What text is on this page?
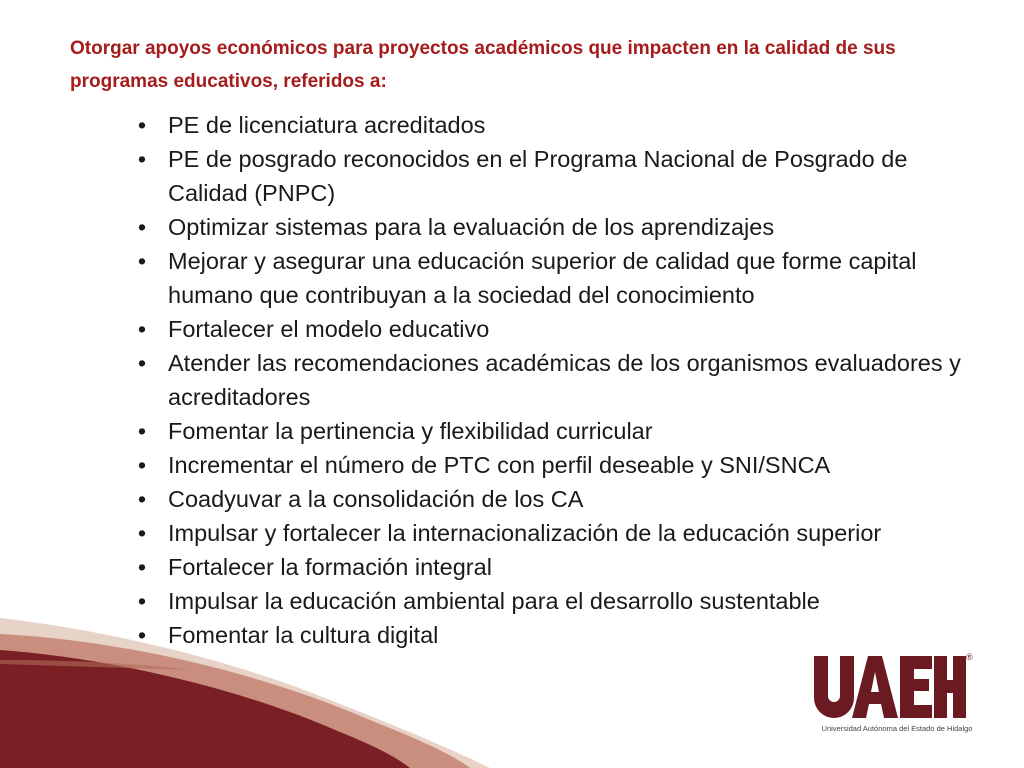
Otorgar apoyos económicos para proyectos académicos que impacten en la calidad de sus programas educativos, referidos a:
• PE de licenciatura acreditados
• PE de posgrado reconocidos en el Programa Nacional de Posgrado de Calidad (PNPC)
• Optimizar sistemas para la evaluación de los aprendizajes
• Mejorar y asegurar una educación superior de calidad que forme capital humano que contribuyan a la sociedad del conocimiento
• Fortalecer el modelo educativo
• Atender las recomendaciones académicas de los organismos evaluadores y acreditadores
• Fomentar la pertinencia y flexibilidad curricular
• Incrementar el número de PTC con perfil deseable y SNI/SNCA
• Coadyuvar a la consolidación de los CA
• Impulsar y fortalecer la internacionalización de la educación superior
• Fortalecer la formación integral
• Impulsar la educación ambiental para el desarrollo sustentable
• Fomentar la cultura digital
®
Universidad Autónoma del Estado de Hidalgo
